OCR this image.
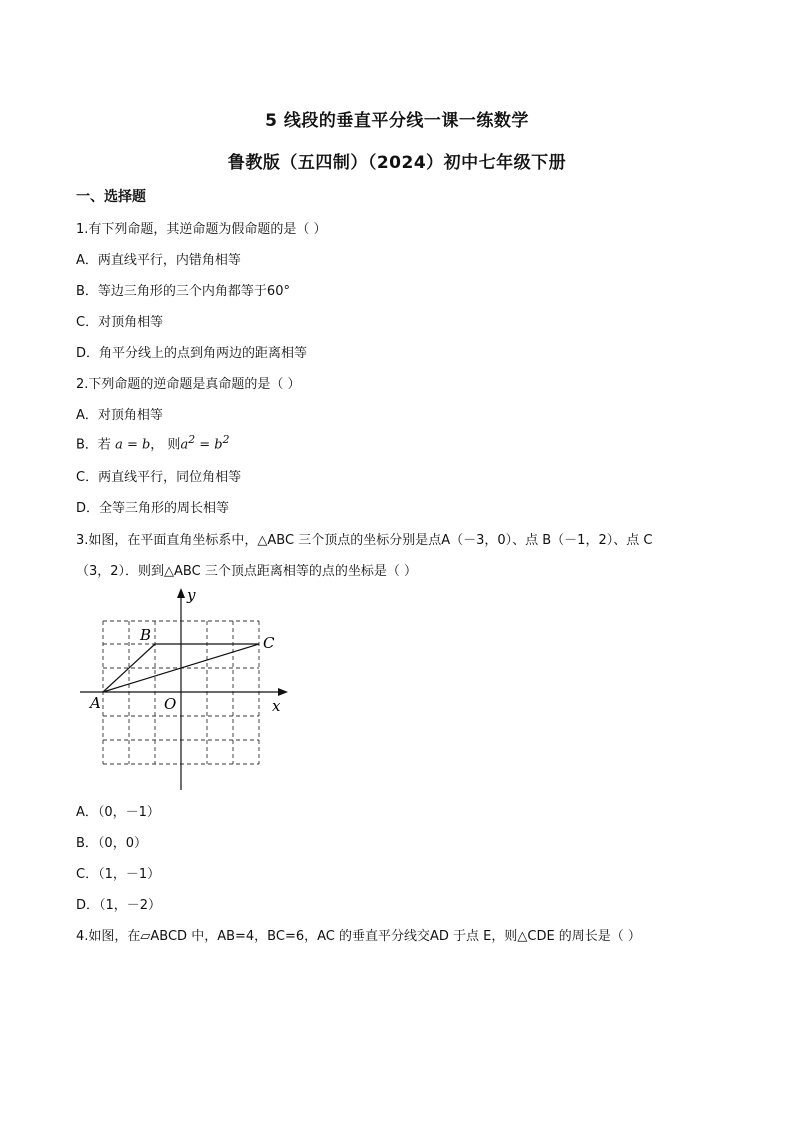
5 线段的垂直平分线一课一练数学
鲁教版（五四制）（2024）初中七年级下册
一、选择题
1.有下列命题，其逆命题为假命题的是（ ）
A．两直线平行，内错角相等
B．等边三角形的三个内角都等于60°
C．对顶角相等
D．角平分线上的点到角两边的距离相等
2.下列命题的逆命题是真命题的是（ ）
A．对顶角相等
B．若 a = b， 则$a^2 = b^2$
C．两直线平行，同位角相等
D．全等三角形的周长相等
3.如图，在平面直角坐标系中，△ABC 三个顶点的坐标分别是点A（－3，0）、点 B（－1，2）、点 C
（3，2）．则到△ABC 三个顶点距离相等的点的坐标是（ ）
y
x
A
B	C
O
A．（0，－1）
B．（0，0）
C．（1，－1）
D．（1，－2）
4.如图，在▱ABCD 中，AB=4，BC=6，AC 的垂直平分线交AD 于点 E，则△CDE 的周长是（ ）
